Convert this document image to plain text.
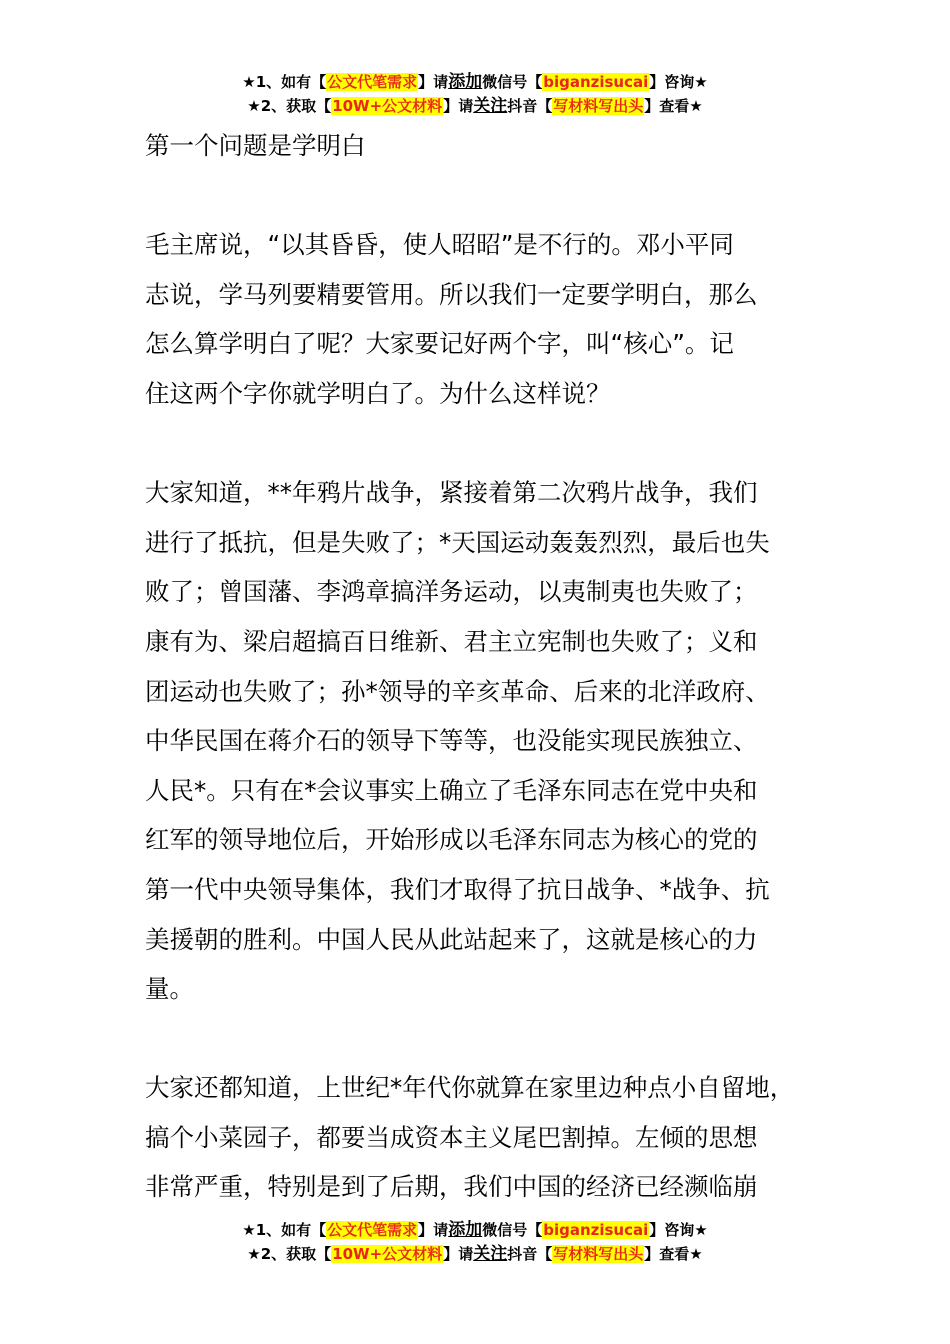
★1、如有【公文代笔需求】请添加微信号【biganzisucai】咨询★
★2、获取【10W+公文材料】请关注抖音【写材料写出头】查看★

第一个问题是学明白

毛主席说，“以其昏昏，使人昭昭”是不行的。邓小平同
志说，学马列要精要管用。所以我们一定要学明白，那么
怎么算学明白了呢？大家要记好两个字，叫“核心”。记
住这两个字你就学明白了。为什么这样说？

大家知道，**年鸦片战争，紧接着第二次鸦片战争，我们
进行了抵抗，但是失败了；*天国运动轰轰烈烈，最后也失
败了；曾国藩、李鸿章搞洋务运动，以夷制夷也失败了；
康有为、梁启超搞百日维新、君主立宪制也失败了；义和
团运动也失败了；孙*领导的辛亥革命、后来的北洋政府、
中华民国在蒋介石的领导下等等，也没能实现民族独立、
人民*。只有在*会议事实上确立了毛泽东同志在党中央和
红军的领导地位后，开始形成以毛泽东同志为核心的党的
第一代中央领导集体，我们才取得了抗日战争、*战争、抗
美援朝的胜利。中国人民从此站起来了，这就是核心的力
量。

大家还都知道，上世纪*年代你就算在家里边种点小自留地，
搞个小菜园子，都要当成资本主义尾巴割掉。左倾的思想
非常严重，特别是到了后期，我们中国的经济已经濒临崩

★1、如有【公文代笔需求】请添加微信号【biganzisucai】咨询★
★2、获取【10W+公文材料】请关注抖音【写材料写出头】查看★
